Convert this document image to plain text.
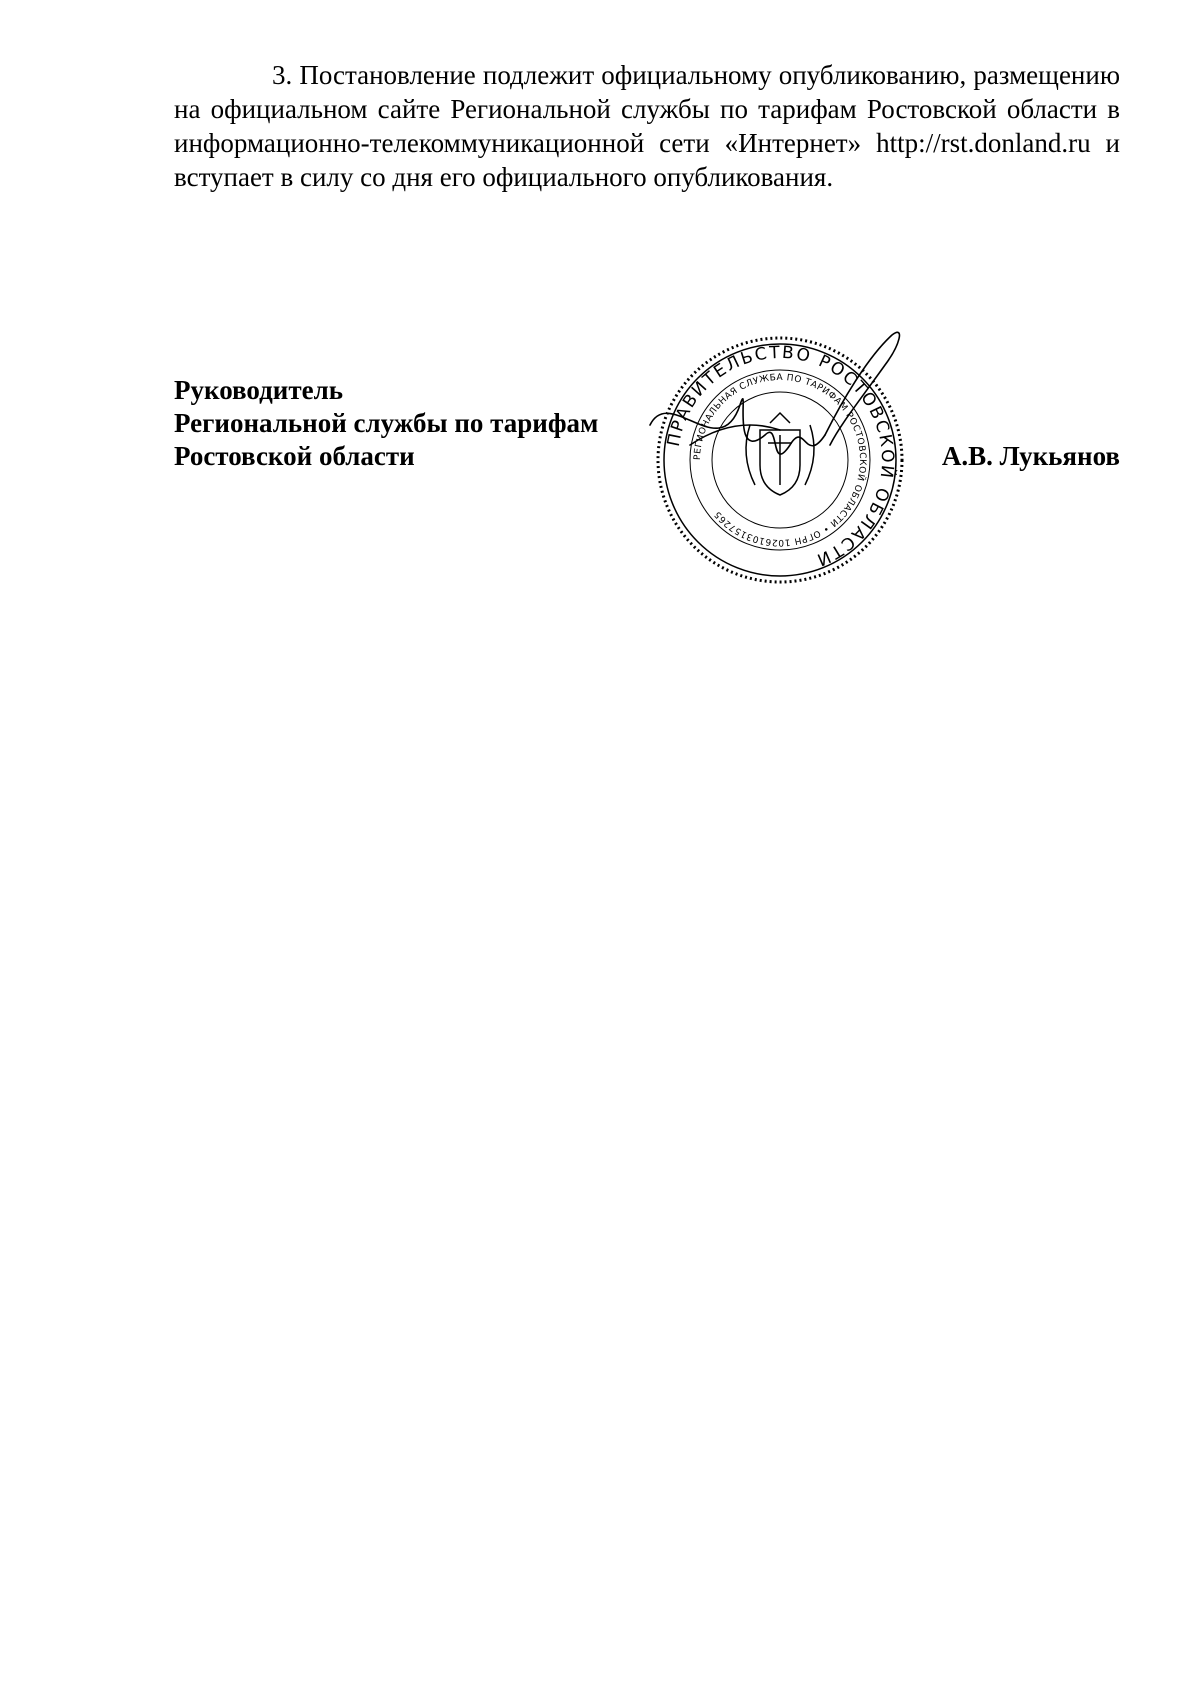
3. Постановление подлежит официальному опубликованию, размещению на официальном сайте Региональной службы по тарифам Ростовской области в информационно-телекоммуникационной сети «Интернет» http://rst.donland.ru и вступает в силу со дня его официального опубликования.

Руководитель
Региональной службы по тарифам
Ростовской области
ПРАВИТЕЛЬСТВО РОСТОВСКОЙ ОБЛАСТИ
РЕГИОНАЛЬНАЯ СЛУЖБА ПО ТАРИФАМ РОСТОВСКОЙ ОБЛАСТИ • ОГРН 1026103157265
А.В. Лукьянов
